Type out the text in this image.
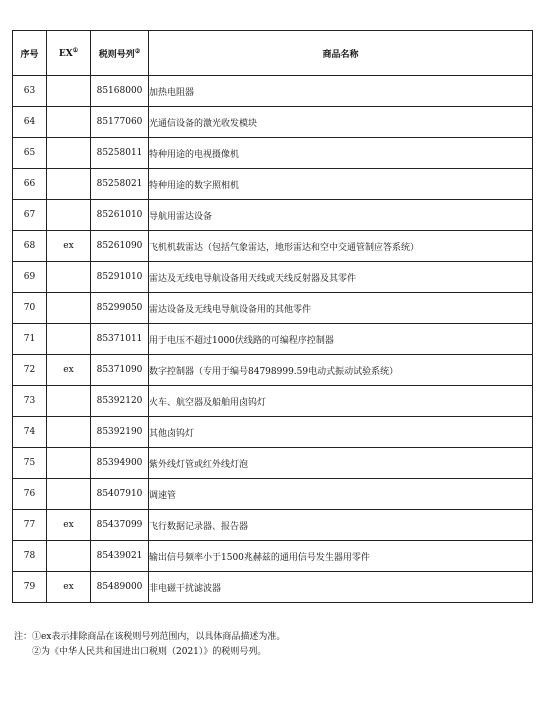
序号	EX①	税则号列②	商品名称
63		85168000	加热电阻器
64		85177060	光通信设备的激光收发模块
65		85258011	特种用途的电视摄像机
66		85258021	特种用途的数字照相机
67		85261010	导航用雷达设备
68	ex	85261090	飞机机载雷达（包括气象雷达，地形雷达和空中交通管制应答系统）
69		85291010	雷达及无线电导航设备用天线或天线反射器及其零件
70		85299050	雷达设备及无线电导航设备用的其他零件
71		85371011	用于电压不超过1000伏线路的可编程序控制器
72	ex	85371090	数字控制器（专用于编号84798999.59电动式振动试验系统）
73		85392120	火车、航空器及船舶用卤钨灯
74		85392190	其他卤钨灯
75		85394900	紫外线灯管或红外线灯泡
76		85407910	调速管
77	ex	85437099	飞行数据记录器、报告器
78		85439021	输出信号频率小于1500兆赫兹的通用信号发生器用零件
79	ex	85489000	非电磁干扰滤波器
注：①ex表示排除商品在该税则号列范围内，以具体商品描述为准。
②为《中华人民共和国进出口税则（2021）》的税则号列。
